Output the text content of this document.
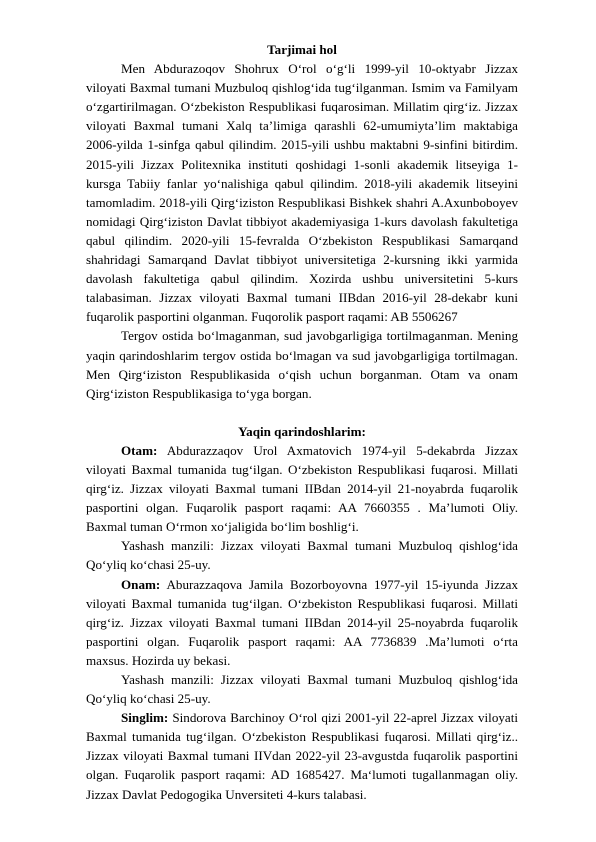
Tarjimai hol

Men Abdurazoqov Shohrux O‘rol o‘g‘li 1999-yil 10-oktyabr Jizzax viloyati Baxmal tumani Muzbuloq qishlog‘ida tug‘ilganman. Ismim va Familyam o‘zgartirilmagan. O‘zbekiston Respublikasi fuqarosiman. Millatim qirg‘iz. Jizzax viloyati Baxmal tumani Xalq ta’limiga qarashli 62-umumiyta’lim maktabiga 2006-yilda 1-sinfga qabul qilindim. 2015-yili ushbu maktabni 9-sinfini bitirdim. 2015-yili Jizzax Politexnika instituti qoshidagi 1-sonli akademik litseyiga 1-kursga Tabiiy fanlar yo‘nalishiga qabul qilindim. 2018-yili akademik litseyini tamomladim. 2018-yili Qirg‘iziston Respublikasi Bishkek shahri A.Axunboboyev nomidagi Qirg‘iziston Davlat tibbiyot akademiyasiga 1-kurs davolash fakultetiga qabul qilindim. 2020-yili 15-fevralda O‘zbekiston Respublikasi Samarqand shahridagi Samarqand Davlat tibbiyot universitetiga 2-kursning ikki yarmida davolash fakultetiga qabul qilindim. Xozirda ushbu universitetini 5-kurs talabasiman. Jizzax viloyati Baxmal tumani IIBdan 2016-yil 28-dekabr kuni fuqarolik pasportini olganman. Fuqorolik pasport raqami: AB 5506267

Tergov ostida bo‘lmaganman, sud javobgarligiga tortilmaganman. Mening yaqin qarindoshlarim tergov ostida bo‘lmagan va sud javobgarligiga tortilmagan. Men Qirg‘iziston Respublikasida o‘qish uchun borganman. Otam va onam Qirg‘iziston Respublikasiga to‘yga borgan.

Yaqin qarindoshlarim:

Otam: Abdurazzaqov Urol Axmatovich 1974-yil 5-dekabrda Jizzax viloyati Baxmal tumanida tug‘ilgan. O‘zbekiston Respublikasi fuqarosi. Millati qirg‘iz. Jizzax viloyati Baxmal tumani IIBdan 2014-yil 21-noyabrda fuqarolik pasportini olgan. Fuqarolik pasport raqami: AA 7660355 . Ma’lumoti Oliy. Baxmal tuman O‘rmon xo‘jaligida bo‘lim boshlig‘i.

Yashash manzili: Jizzax viloyati Baxmal tumani Muzbuloq qishlog‘ida Qo‘yliq ko‘chasi 25-uy.

Onam: Aburazzaqova Jamila Bozorboyovna 1977-yil 15-iyunda Jizzax viloyati Baxmal tumanida tug‘ilgan. O‘zbekiston Respublikasi fuqarosi. Millati qirg‘iz. Jizzax viloyati Baxmal tumani IIBdan 2014-yil 25-noyabrda fuqarolik pasportini olgan. Fuqarolik pasport raqami: AA 7736839 .Ma’lumoti o‘rta maxsus. Hozirda uy bekasi.

Yashash manzili: Jizzax viloyati Baxmal tumani Muzbuloq qishlog‘ida Qo‘yliq ko‘chasi 25-uy.

Singlim: Sindorova Barchinoy O‘rol qizi 2001-yil 22-aprel Jizzax viloyati Baxmal tumanida tug‘ilgan. O‘zbekiston Respublikasi fuqarosi. Millati qirg‘iz.. Jizzax viloyati Baxmal tumani IIVdan 2022-yil 23-avgustda fuqarolik pasportini olgan. Fuqarolik pasport raqami: AD 1685427. Ma‘lumoti tugallanmagan oliy. Jizzax Davlat Pedogogika Unversiteti 4-kurs talabasi.
